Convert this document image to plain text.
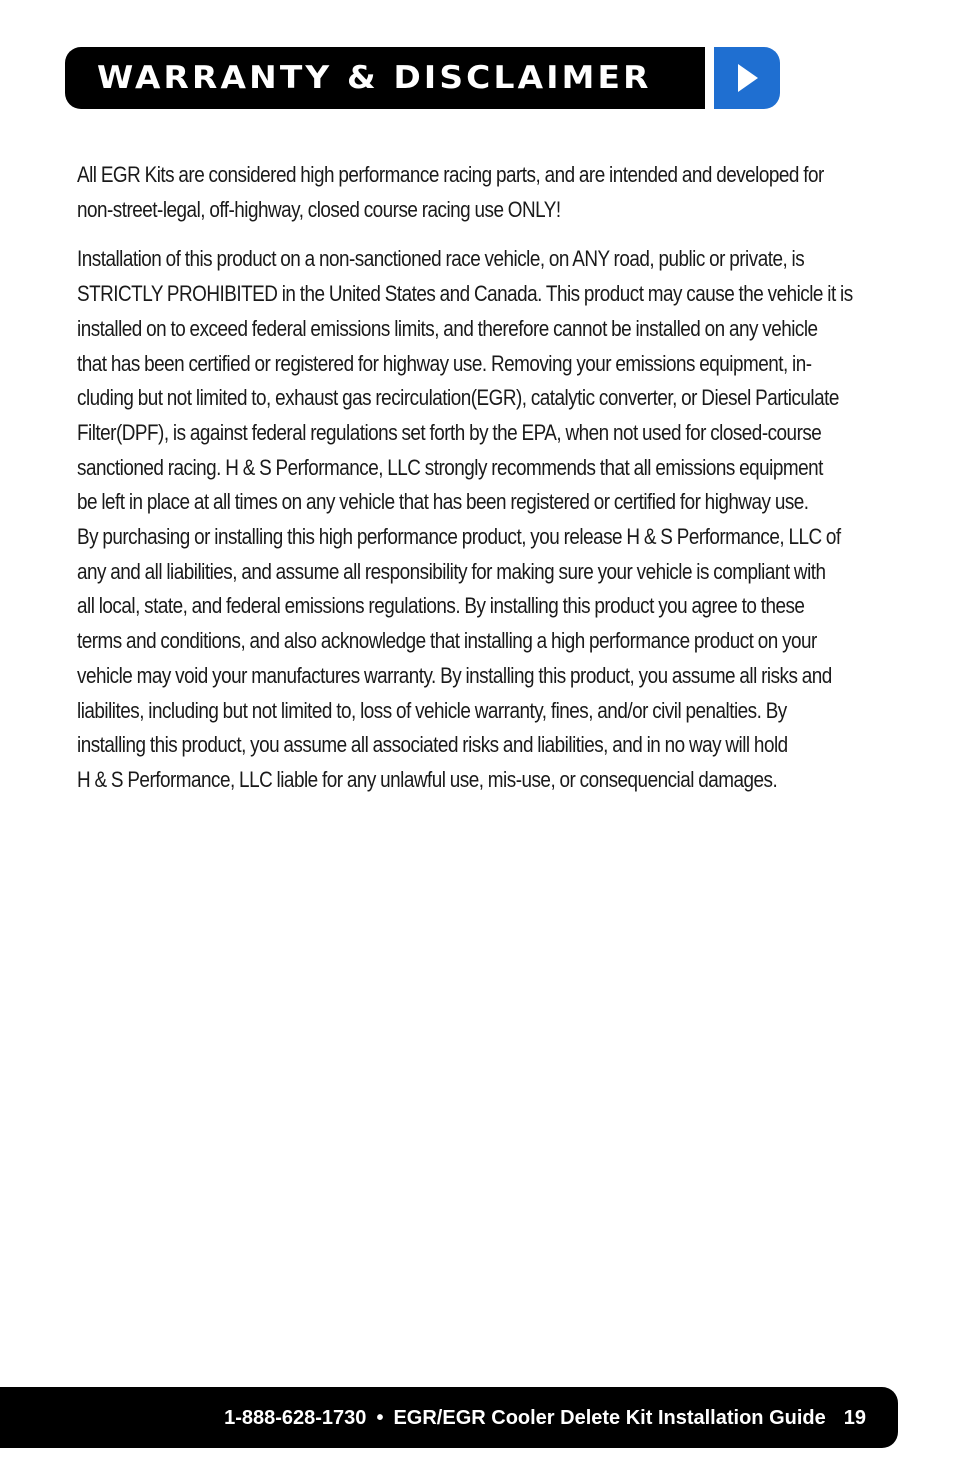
WARRANTY & DISCLAIMER

All EGR Kits are considered high performance racing parts, and are intended and developed for
non-street-legal, off-highway, closed course racing use ONLY!

Installation of this product on a non-sanctioned race vehicle, on ANY road, public or private, is
STRICTLY PROHIBITED in the United States and Canada. This product may cause the vehicle it is
installed on to exceed federal emissions limits, and therefore cannot be installed on any vehicle
that has been certified or registered for highway use. Removing your emissions equipment, in-
cluding but not limited to, exhaust gas recirculation(EGR), catalytic converter, or Diesel Particulate
Filter(DPF), is against federal regulations set forth by the EPA, when not used for closed-course
sanctioned racing. H & S Performance, LLC strongly recommends that all emissions equipment
be left in place at all times on any vehicle that has been registered or certified for highway use.
By purchasing or installing this high performance product, you release H & S Performance, LLC of
any and all liabilities, and assume all responsibility for making sure your vehicle is compliant with
all local, state, and federal emissions regulations. By installing this product you agree to these
terms and conditions, and also acknowledge that installing a high performance product on your
vehicle may void your manufactures warranty. By installing this product, you assume all risks and
liabilites, including but not limited to, loss of vehicle warranty, fines, and/or civil penalties. By
installing this product, you assume all associated risks and liabilities, and in no way will hold
H & S Performance, LLC liable for any unlawful use, mis-use, or consequencial damages.

1-888-628-1730 • EGR/EGR Cooler Delete Kit Installation Guide 19
